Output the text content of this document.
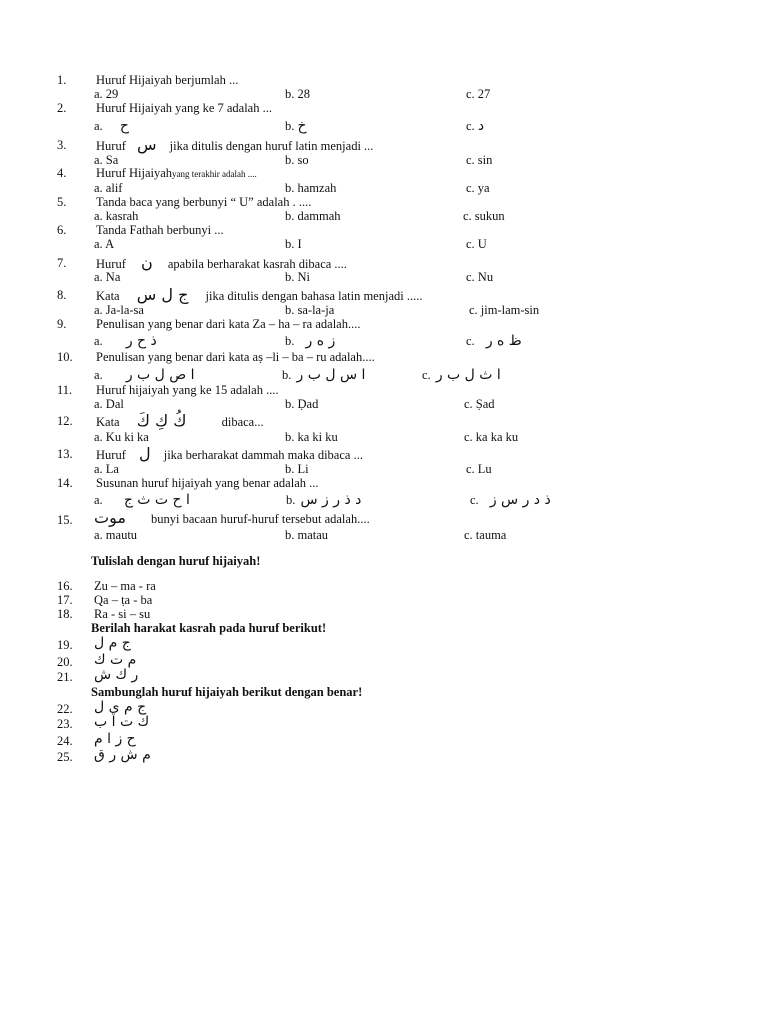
1. Huruf Hijaiyah berjumlah ...
a. 29	b. 28	c. 27
2. Huruf Hijaiyah yang ke 7 adalah ...
a. ح	b. خ	c. د
3. Huruf س jika ditulis dengan huruf latin menjadi ...
a. Sa	b. so	c. sin
4. Huruf Hijaiyahyang terakhir adalah ....
a. alif	b. hamzah	c. ya
5. Tanda baca yang berbunyi “ U” adalah . ....
a. kasrah	b. dammah	c. sukun
6. Tanda Fathah berbunyi ...
a. A	b. I	c. U
7. Huruf ن apabila berharakat kasrah dibaca ....
a. Na	b. Ni	c. Nu
8. Kata ج ل س jika ditulis dengan bahasa latin menjadi .....
a. Ja-la-sa	b. sa-la-ja	c. jim-lam-sin
9. Penulisan yang benar dari kata Za – ha – ra adalah....
a. ذ ح ر	b. ز ه ر	c. ظ ه ر
10. Penulisan yang benar dari kata aṣ –li – ba – ru adalah....
a. ا ص ل ب ر	b. ا س ل ب ر	c. ا ث ل ب ر
11. Huruf hijaiyah yang ke 15 adalah ....
a. Dal	b. Ḍad	c. Ṣad
12. Kata كُ كِ كَ	dibaca...
a. Ku ki ka	b. ka ki ku	c. ka ka ku
13. Huruf ل jika berharakat dammah maka dibaca ...
a. La	b. Li	c. Lu
14. Susunan huruf hijaiyah yang benar adalah ...
a. ا ح ت ث ج	b. د ذ ر ز س	c. ذ د ر س ز
15. موت bunyi bacaan huruf-huruf tersebut adalah....
a. mautu	b. matau	c. tauma
Tulislah dengan huruf hijaiyah!
16. Zu – ma - ra
17. Qa – ṭa - ba
18. Ra - si – su
Berilah harakat kasrah pada huruf berikut!
19. ج م ل
20. م ت ك
21. ر ك ش
Sambunglah huruf hijaiyah berikut dengan benar!
22. ج م ي ل
23. ك ت ا ب
24. ح ز ا م
25. م ش ر ق
